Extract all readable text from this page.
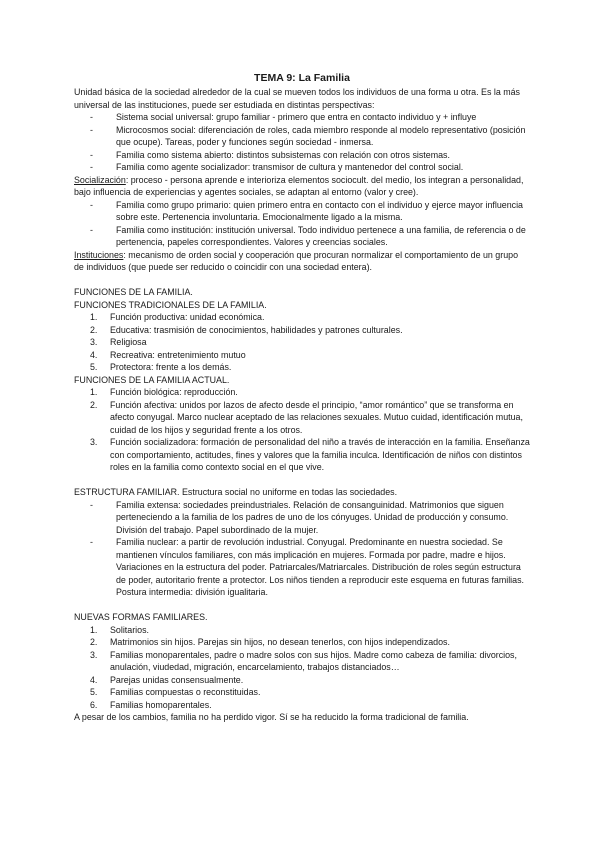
TEMA 9: La Familia

Unidad básica de la sociedad alrededor de la cual se mueven todos los individuos de una forma u otra. Es la más universal de las instituciones, puede ser estudiada en distintas perspectivas:

- Sistema social universal: grupo familiar - primero que entra en contacto individuo y + influye
- Microcosmos social: diferenciación de roles, cada miembro responde al modelo representativo (posición que ocupe). Tareas, poder y funciones según sociedad - inmersa.
- Familia como sistema abierto: distintos subsistemas con relación con otros sistemas.
- Familia como agente socializador: transmisor de cultura y mantenedor del control social.

Socialización: proceso - persona aprende e interioriza elementos sociocult. del medio, los integran a personalidad, bajo influencia de experiencias y agentes sociales, se adaptan al entorno (valor y cree).

- Familia como grupo primario: quien primero entra en contacto con el individuo y ejerce mayor influencia sobre este. Pertenencia involuntaria. Emocionalmente ligado a la misma.
- Familia como institución: institución universal. Todo individuo pertenece a una familia, de referencia o de pertenencia, papeles correspondientes. Valores y creencias sociales.

Instituciones: mecanismo de orden social y cooperación que procuran normalizar el comportamiento de un grupo de individuos (que puede ser reducido o coincidir con una sociedad entera).

FUNCIONES DE LA FAMILIA.

FUNCIONES TRADICIONALES DE LA FAMILIA.

1. Función productiva: unidad económica.
2. Educativa: trasmisión de conocimientos, habilidades y patrones culturales.
3. Religiosa
4. Recreativa: entretenimiento mutuo
5. Protectora: frente a los demás.

FUNCIONES DE LA FAMILIA ACTUAL.

1. Función biológica: reproducción.
2. Función afectiva: unidos por lazos de afecto desde el principio, “amor romántico” que se transforma en afecto conyugal. Marco nuclear aceptado de las relaciones sexuales. Mutuo cuidad, identificación mutua, cuidad de los hijos y seguridad frente a los otros.
3. Función socializadora: formación de personalidad del niño a través de interacción en la familia. Enseñanza con comportamiento, actitudes, fines y valores que la familia inculca. Identificación de niños con distintos roles en la familia como contexto social en el que vive.

ESTRUCTURA FAMILIAR. Estructura social no uniforme en todas las sociedades.

- Familia extensa: sociedades preindustriales. Relación de consanguinidad. Matrimonios que siguen perteneciendo a la familia de los padres de uno de los cónyuges. Unidad de producción y consumo. División del trabajo. Papel subordinado de la mujer.
- Familia nuclear: a partir de revolución industrial. Conyugal. Predominante en nuestra sociedad. Se mantienen vínculos familiares, con más implicación en mujeres. Formada por padre, madre e hijos. Variaciones en la estructura del poder. Patriarcales/Matriarcales. Distribución de roles según estructura de poder, autoritario frente a protector. Los niños tienden a reproducir este esquema en futuras familias. Postura intermedia: división igualitaria.

NUEVAS FORMAS FAMILIARES.

1. Solitarios.
2. Matrimonios sin hijos. Parejas sin hijos, no desean tenerlos, con hijos independizados.
3. Familias monoparentales, padre o madre solos con sus hijos. Madre como cabeza de familia: divorcios, anulación, viudedad, migración, encarcelamiento, trabajos distanciados…
4. Parejas unidas consensualmente.
5. Familias compuestas o reconstituidas.
6. Familias homoparentales.

A pesar de los cambios, familia no ha perdido vigor. Sí se ha reducido la forma tradicional de familia.
